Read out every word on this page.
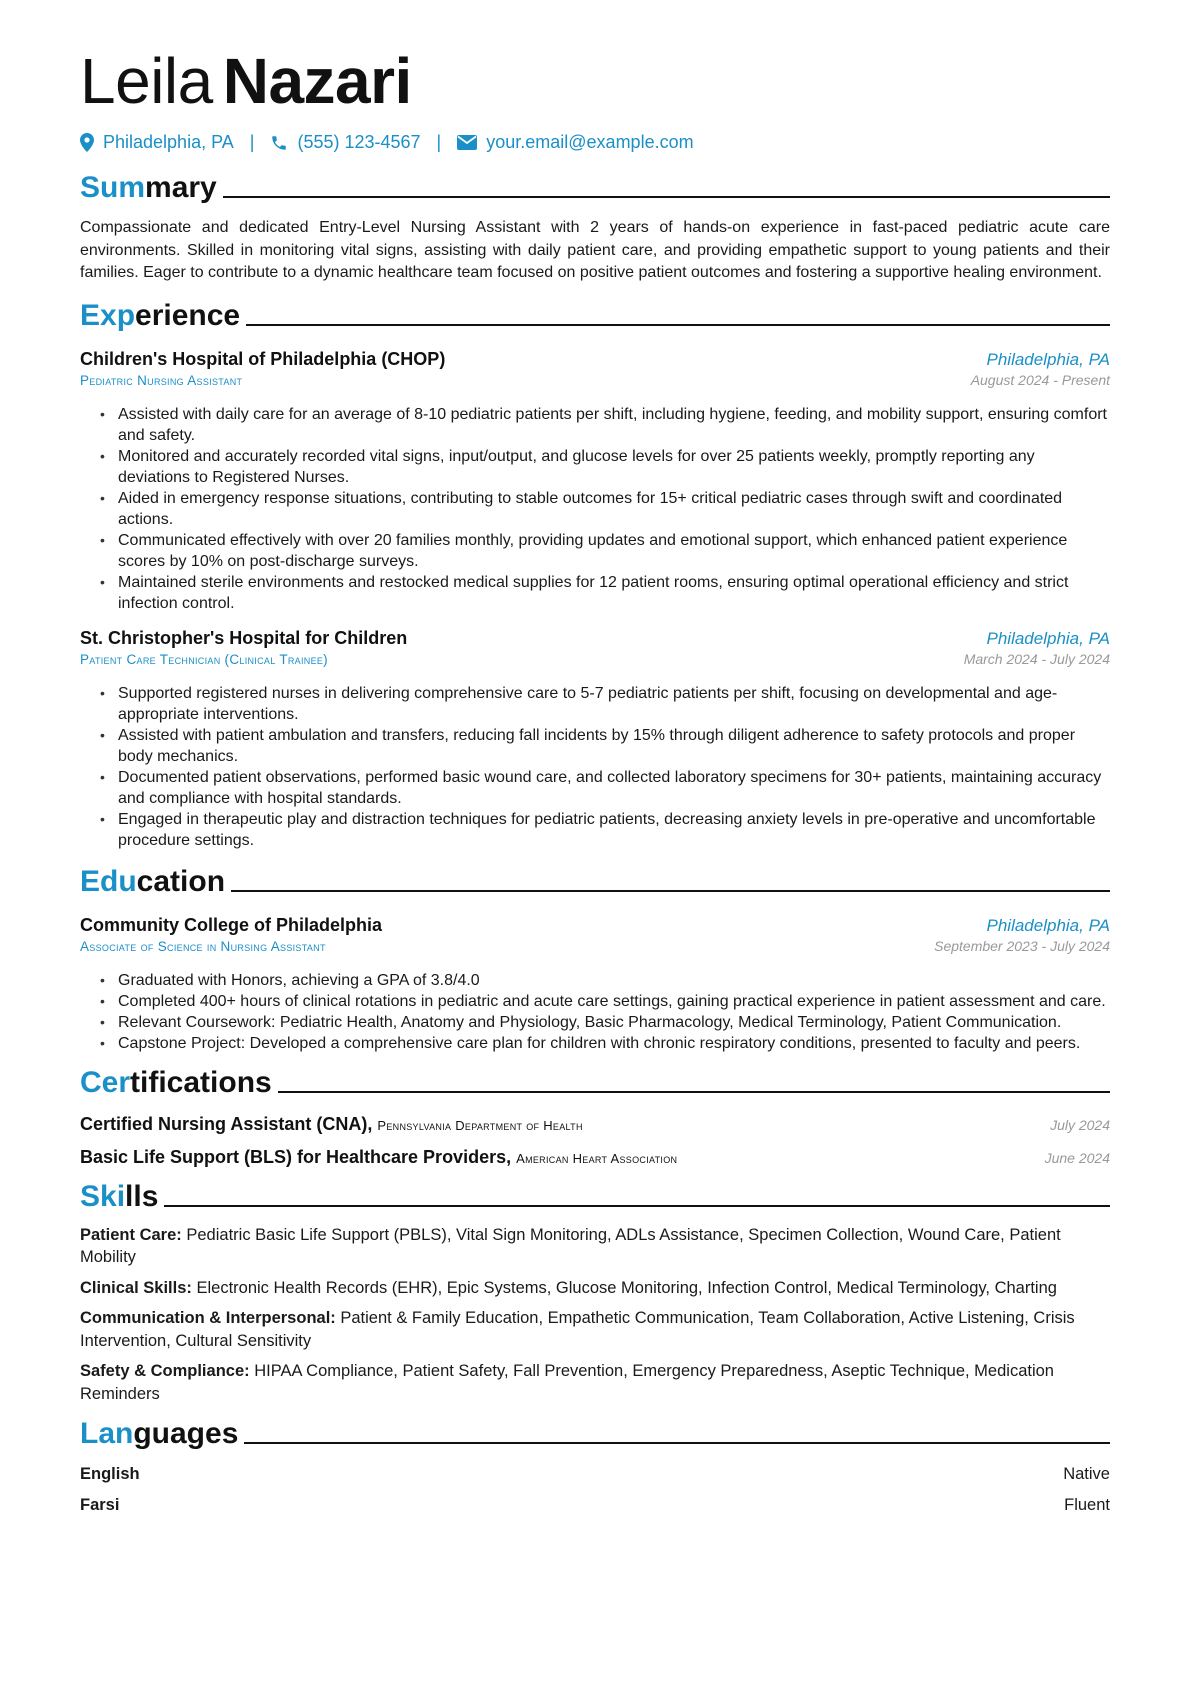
Leila Nazari
Philadelphia, PA | (555) 123-4567 |	your.email@example.com
Sum mary

Compassionate and dedicated Entry-Level Nursing Assistant with 2 years of hands-on experience in fast-paced pediatric acute care environments. Skilled in monitoring vital signs, assisting with daily patient care, and providing empathetic support to young patients and their families. Eager to contribute to a dynamic healthcare team focused on positive patient outcomes and fostering a supportive healing environment.

Exp erience
Children's Hospital of Philadelphia (CHOP)	Philadelphia, PA
Pediatric Nursing Assistant	August 2024 - Present
• Assisted with daily care for an average of 8-10 pediatric patients per shift, including hygiene, feeding, and mobility support, ensuring comfort and safety.
• Monitored and accurately recorded vital signs, input/output, and glucose levels for over 25 patients weekly, promptly reporting any deviations to Registered Nurses.
• Aided in emergency response situations, contributing to stable outcomes for 15+ critical pediatric cases through swift and coordinated actions.
• Communicated effectively with over 20 families monthly, providing updates and emotional support, which enhanced patient experience scores by 10% on post-discharge surveys.
• Maintained sterile environments and restocked medical supplies for 12 patient rooms, ensuring optimal operational efficiency and strict infection control.
St. Christopher's Hospital for Children	Philadelphia, PA
Patient Care Technician (Clinical Trainee)	March 2024 - July 2024
• Supported registered nurses in delivering comprehensive care to 5-7 pediatric patients per shift, focusing on developmental and age-appropriate interventions.
• Assisted with patient ambulation and transfers, reducing fall incidents by 15% through diligent adherence to safety protocols and proper body mechanics.
• Documented patient observations, performed basic wound care, and collected laboratory specimens for 30+ patients, maintaining accuracy and compliance with hospital standards.
• Engaged in therapeutic play and distraction techniques for pediatric patients, decreasing anxiety levels in pre-operative and uncomfortable procedure settings.
Edu cation
Community College of Philadelphia	Philadelphia, PA
Associate of Science in Nursing Assistant	September 2023 - July 2024
• Graduated with Honors, achieving a GPA of 3.8/4.0
• Completed 400+ hours of clinical rotations in pediatric and acute care settings, gaining practical experience in patient assessment and care.
• Relevant Coursework: Pediatric Health, Anatomy and Physiology, Basic Pharmacology, Medical Terminology, Patient Communication.
• Capstone Project: Developed a comprehensive care plan for children with chronic respiratory conditions, presented to faculty and peers.
Cer tifications
Certified Nursing Assistant (CNA), Pennsylvania Department of Health	July 2024
Basic Life Support (BLS) for Healthcare Providers, American Heart Association	June 2024
Ski lls
Patient Care: Pediatric Basic Life Support (PBLS), Vital Sign Monitoring, ADLs Assistance, Specimen Collection, Wound Care, Patient Mobility
Clinical Skills: Electronic Health Records (EHR), Epic Systems, Glucose Monitoring, Infection Control, Medical Terminology, Charting
Communication & Interpersonal: Patient & Family Education, Empathetic Communication, Team Collaboration, Active Listening, Crisis Intervention, Cultural Sensitivity
Safety & Compliance: HIPAA Compliance, Patient Safety, Fall Prevention, Emergency Preparedness, Aseptic Technique, Medication Reminders
Lan guages
English	Native
Farsi	Fluent
